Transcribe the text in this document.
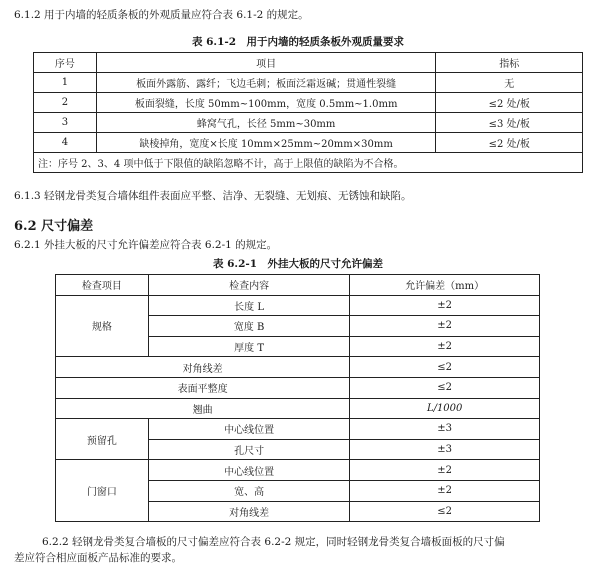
6.1.2 用于内墙的轻质条板的外观质量应符合表 6.1-2 的规定。
表 6.1-2　用于内墙的轻质条板外观质量要求
序号	项目	指标
1	板面外露筋、露纤；飞边毛刺；板面泛霜返碱；贯通性裂缝	无
2	板面裂缝，长度 50mm~100mm，宽度 0.5mm~1.0mm	≤2 处/板
3	蜂窝气孔，长径 5mm~30mm	≤3 处/板
4	缺棱掉角，宽度×长度 10mm×25mm~20mm×30mm	≤2 处/板
注：序号 2、3、4 项中低于下限值的缺陷忽略不计，高于上限值的缺陷为不合格。		
6.1.3 轻钢龙骨类复合墙体组件表面应平整、洁净、无裂缝、无划痕、无锈蚀和缺陷。
6.2 尺寸偏差
6.2.1 外挂大板的尺寸允许偏差应符合表 6.2-1 的规定。
表 6.2-1　外挂大板的尺寸允许偏差
检查项目	检查内容	允许偏差（mm）
规格	长度 L	±2
	宽度 B	±2
	厚度 T	±2
对角线差		≤2
表面平整度		≤2
翘曲		L/1000
预留孔	中心线位置	±3
	孔尺寸	±3
门窗口	中心线位置	±2
	宽、高	±2
	对角线差	≤2
6.2.2 轻钢龙骨类复合墙板的尺寸偏差应符合表 6.2-2 规定，同时轻钢龙骨类复合墙板面板的尺寸偏
差应符合相应面板产品标准的要求。
